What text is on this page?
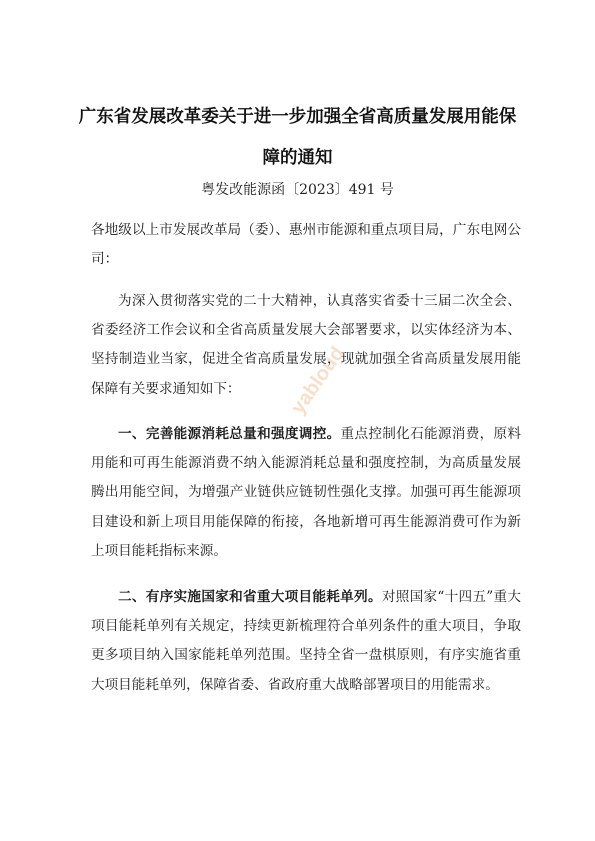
广东省发展改革委关于进一步加强全省高质量发展用能保
障的通知
粤发改能源函〔2023〕491 号
各地级以上市发展改革局（委）、惠州市能源和重点项目局，广东电网公司：
为深入贯彻落实党的二十大精神，认真落实省委十三届二次全会、省委经济工作会议和全省高质量发展大会部署要求，以实体经济为本、坚持制造业当家，促进全省高质量发展，现就加强全省高质量发展用能保障有关要求通知如下：
一、完善能源消耗总量和强度调控。重点控制化石能源消费，原料用能和可再生能源消费不纳入能源消耗总量和强度控制，为高质量发展腾出用能空间，为增强产业链供应链韧性强化支撑。加强可再生能源项目建设和新上项目用能保障的衔接，各地新增可再生能源消费可作为新上项目能耗指标来源。
二、有序实施国家和省重大项目能耗单列。对照国家“十四五”重大项目能耗单列有关规定，持续更新梳理符合单列条件的重大项目，争取更多项目纳入国家能耗单列范围。坚持全省一盘棋原则，有序实施省重大项目能耗单列，保障省委、省政府重大战略部署项目的用能需求。
yabloud
